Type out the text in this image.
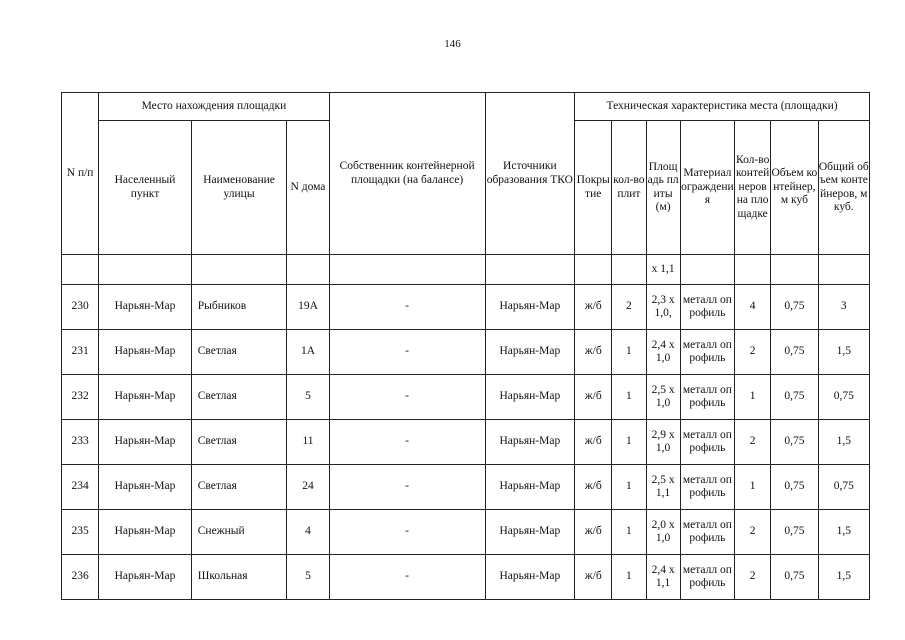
146
N п/п	Место нахождения площадки			Собственник контейнерной площадки (на балансе)	Источники образования ТКО	Техническая характеристика места (площадки)						
	Населенный пункт	Наименование улицы	N дома			Покрытие	кол-во плит	Площадь плиты (м)	Материал ограждения	Кол-во контейнеров на площадке	Объем контейнер, м куб	Общий объем контейнеров, м куб.
								х 1,1				
230	Нарьян-Мар	Рыбников	19А	-	Нарьян-Мар	ж/б	2	2,3 х 1,0,	металл опрофиль	4	0,75	3
231	Нарьян-Мар	Светлая	1А	-	Нарьян-Мар	ж/б	1	2,4 х 1,0	металл опрофиль	2	0,75	1,5
232	Нарьян-Мар	Светлая	5	-	Нарьян-Мар	ж/б	1	2,5 х 1,0	металл опрофиль	1	0,75	0,75
233	Нарьян-Мар	Светлая	11	-	Нарьян-Мар	ж/б	1	2,9 х 1,0	металл опрофиль	2	0,75	1,5
234	Нарьян-Мар	Светлая	24	-	Нарьян-Мар	ж/б	1	2,5 х 1,1	металл опрофиль	1	0,75	0,75
235	Нарьян-Мар	Снежный	4	-	Нарьян-Мар	ж/б	1	2,0 х 1,0	металл опрофиль	2	0,75	1,5
236	Нарьян-Мар	Школьная	5	-	Нарьян-Мар	ж/б	1	2,4 х 1,1	металл опрофиль	2	0,75	1,5
